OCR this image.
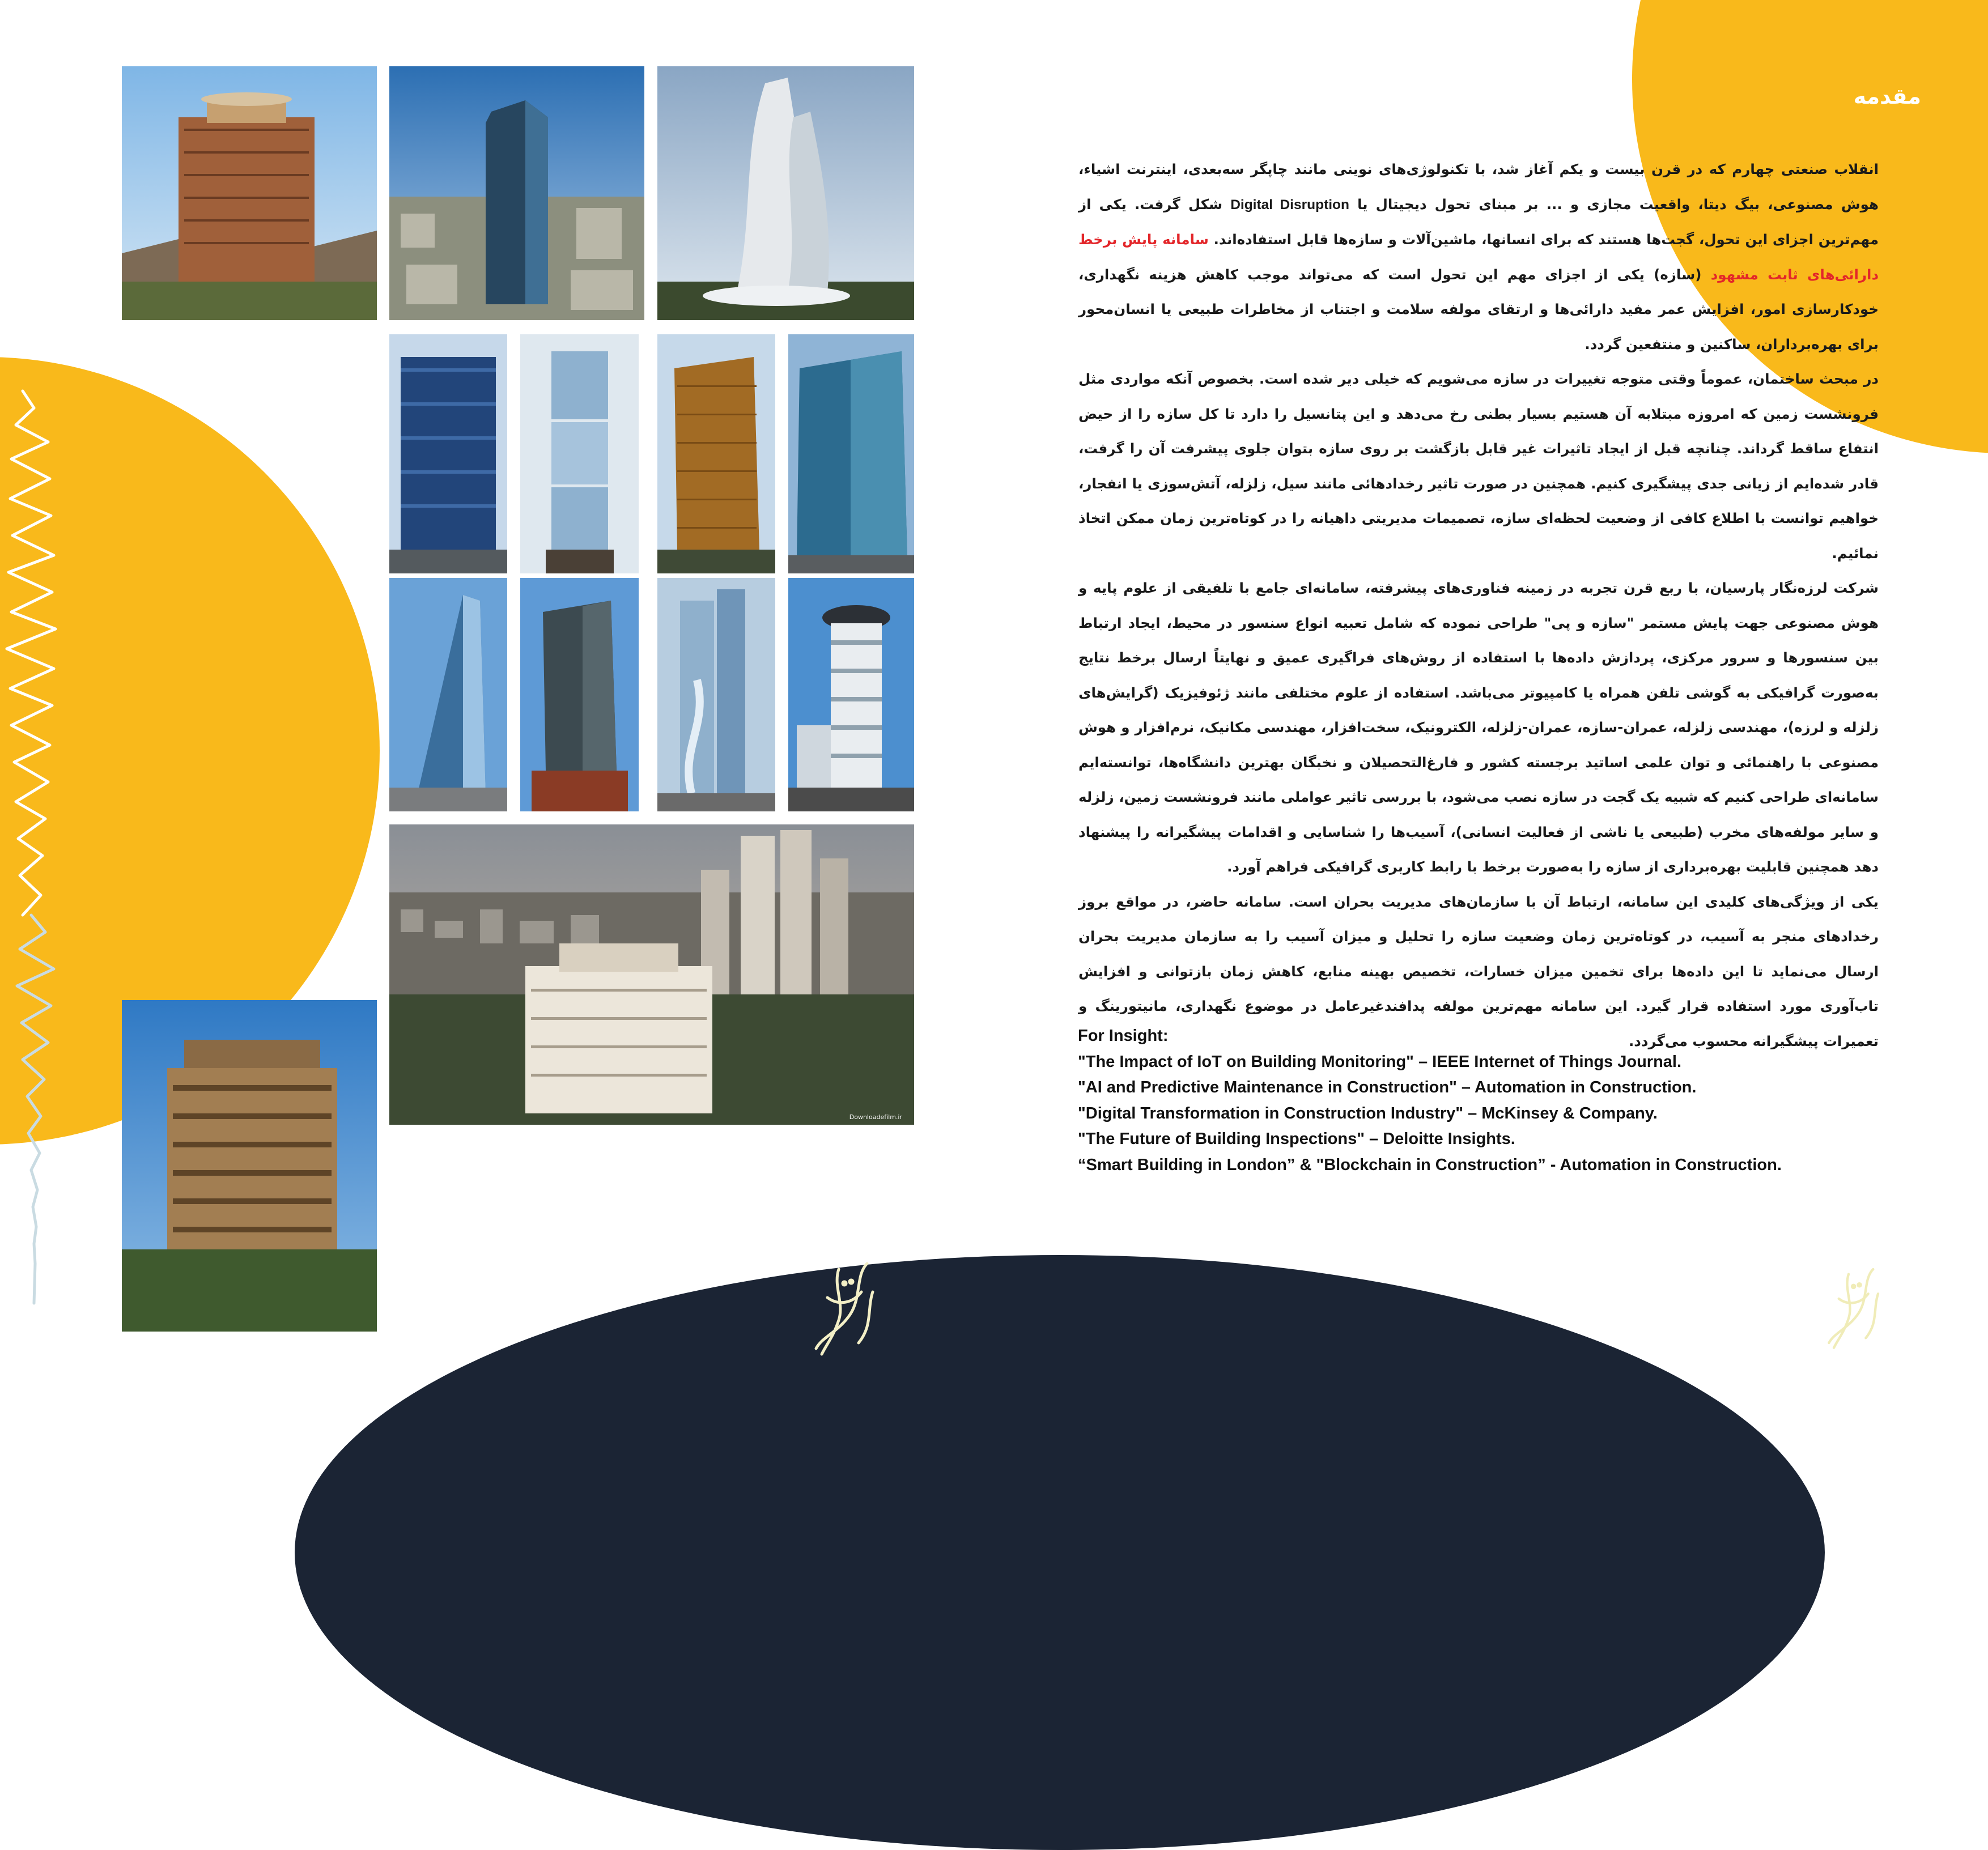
Downloadefilm.ir
مقدمه

انقلاب صنعتی چهارم که در قرن بیست و یکم آغاز شد، با تکنولوژی‌های نوینی مانند چاپگر سه‌بعدی، اینترنت اشیاء، هوش مصنوعی، بیگ دیتا، واقعیت مجازی و ... بر مبنای تحول دیجیتال یا Digital Disruption شکل گرفت. یکی از مهم‌ترین اجزای این تحول، گجت‌ها هستند که برای انسانها، ماشین‌آلات و سازه‌ها قابل استفاده‌اند. سامانه پایش برخط دارائی‌های ثابت مشهود (سازه) یکی از اجزای مهم این تحول است که می‌تواند موجب کاهش هزینه نگهداری، خودکارسازی امور، افزایش عمر مفید دارائی‌ها و ارتقای مولفه سلامت و اجتناب از مخاطرات طبیعی یا انسان‌محور برای بهره‌برداران، ساکنین و منتفعین گردد.

در مبحث ساختمان، عموماً وقتی متوجه تغییرات در سازه می‌شویم که خیلی دیر شده است. بخصوص آنکه مواردی مثل فرونشست زمین که امروزه مبتلابه آن هستیم بسیار بطنی رخ می‌دهد و این پتانسیل را دارد تا کل سازه را از حیض انتفاع ساقط گرداند. چنانچه قبل از ایجاد تاثیرات غیر قابل بازگشت بر روی سازه بتوان جلوی پیشرفت آن را گرفت، قادر شده‌ایم از زیانی جدی پیشگیری کنیم. همچنین در صورت تاثیر رخدادهائی مانند سیل، زلزله، آتش‌سوزی یا انفجار، خواهیم توانست با اطلاع کافی از وضعیت لحظه‌ای سازه، تصمیمات مدیریتی داهیانه را در کوتاه‌ترین زمان ممکن اتخاذ نمائیم.

شرکت لرزه‌نگار پارسیان، با ربع قرن تجربه در زمینه فناوری‌های پیشرفته، سامانه‌ای جامع با تلفیقی از علوم پایه و هوش مصنوعی جهت پایش مستمر "سازه و پی" طراحی نموده که شامل تعبیه انواع سنسور در محیط، ایجاد ارتباط بین سنسورها و سرور مرکزی، پردازش داده‌ها با استفاده از روش‌های فراگیری عمیق و نهایتاً ارسال برخط نتایج به‌صورت گرافیکی به گوشی تلفن همراه یا کامپیوتر می‌باشد. استفاده از علوم مختلفی مانند ژئوفیزیک (گرایش‌های زلزله و لرزه)، مهندسی زلزله، عمران-سازه، عمران-زلزله، الکترونیک، سخت‌افزار، مهندسی مکانیک، نرم‌افزار و هوش مصنوعی با راهنمائی و توان علمی اساتید برجسته کشور و فارغ‌التحصیلان و نخبگان بهترین دانشگاه‌ها، توانسته‌ایم سامانه‌ای طراحی کنیم که شبیه یک گجت در سازه نصب می‌شود، با بررسی تاثیر عواملی مانند فرونشست زمین، زلزله و سایر مولفه‌های مخرب (طبیعی یا ناشی از فعالیت انسانی)، آسیب‌ها را شناسایی و اقدامات پیشگیرانه را پیشنهاد دهد همچنین قابلیت بهره‌برداری از سازه را به‌صورت برخط با رابط کاربری گرافیکی فراهم آورد.

یکی از ویژگی‌های کلیدی این سامانه، ارتباط آن با سازمان‌های مدیریت بحران است. سامانه حاضر، در مواقع بروز رخدادهای منجر به آسیب، در کوتاه‌ترین زمان وضعیت سازه را تحلیل و میزان آسیب را به سازمان مدیریت بحران ارسال می‌نماید تا این داده‌ها برای تخمین میزان خسارات، تخصیص بهینه منابع، کاهش زمان بازتوانی و افزایش تاب‌آوری مورد استفاده قرار گیرد. این سامانه مهم‌ترین مولفه پدافندغیرعامل در موضوع نگهداری، مانیتورینگ و تعمیرات پیشگیرانه محسوب می‌گردد.

For Insight:
"The Impact of IoT on Building Monitoring" – IEEE Internet of Things Journal.
"AI and Predictive Maintenance in Construction" – Automation in Construction.
"Digital Transformation in Construction Industry" – McKinsey & Company.
"The Future of Building Inspections" – Deloitte Insights.
“Smart Building in London” & "Blockchain in Construction” - Automation in Construction.
